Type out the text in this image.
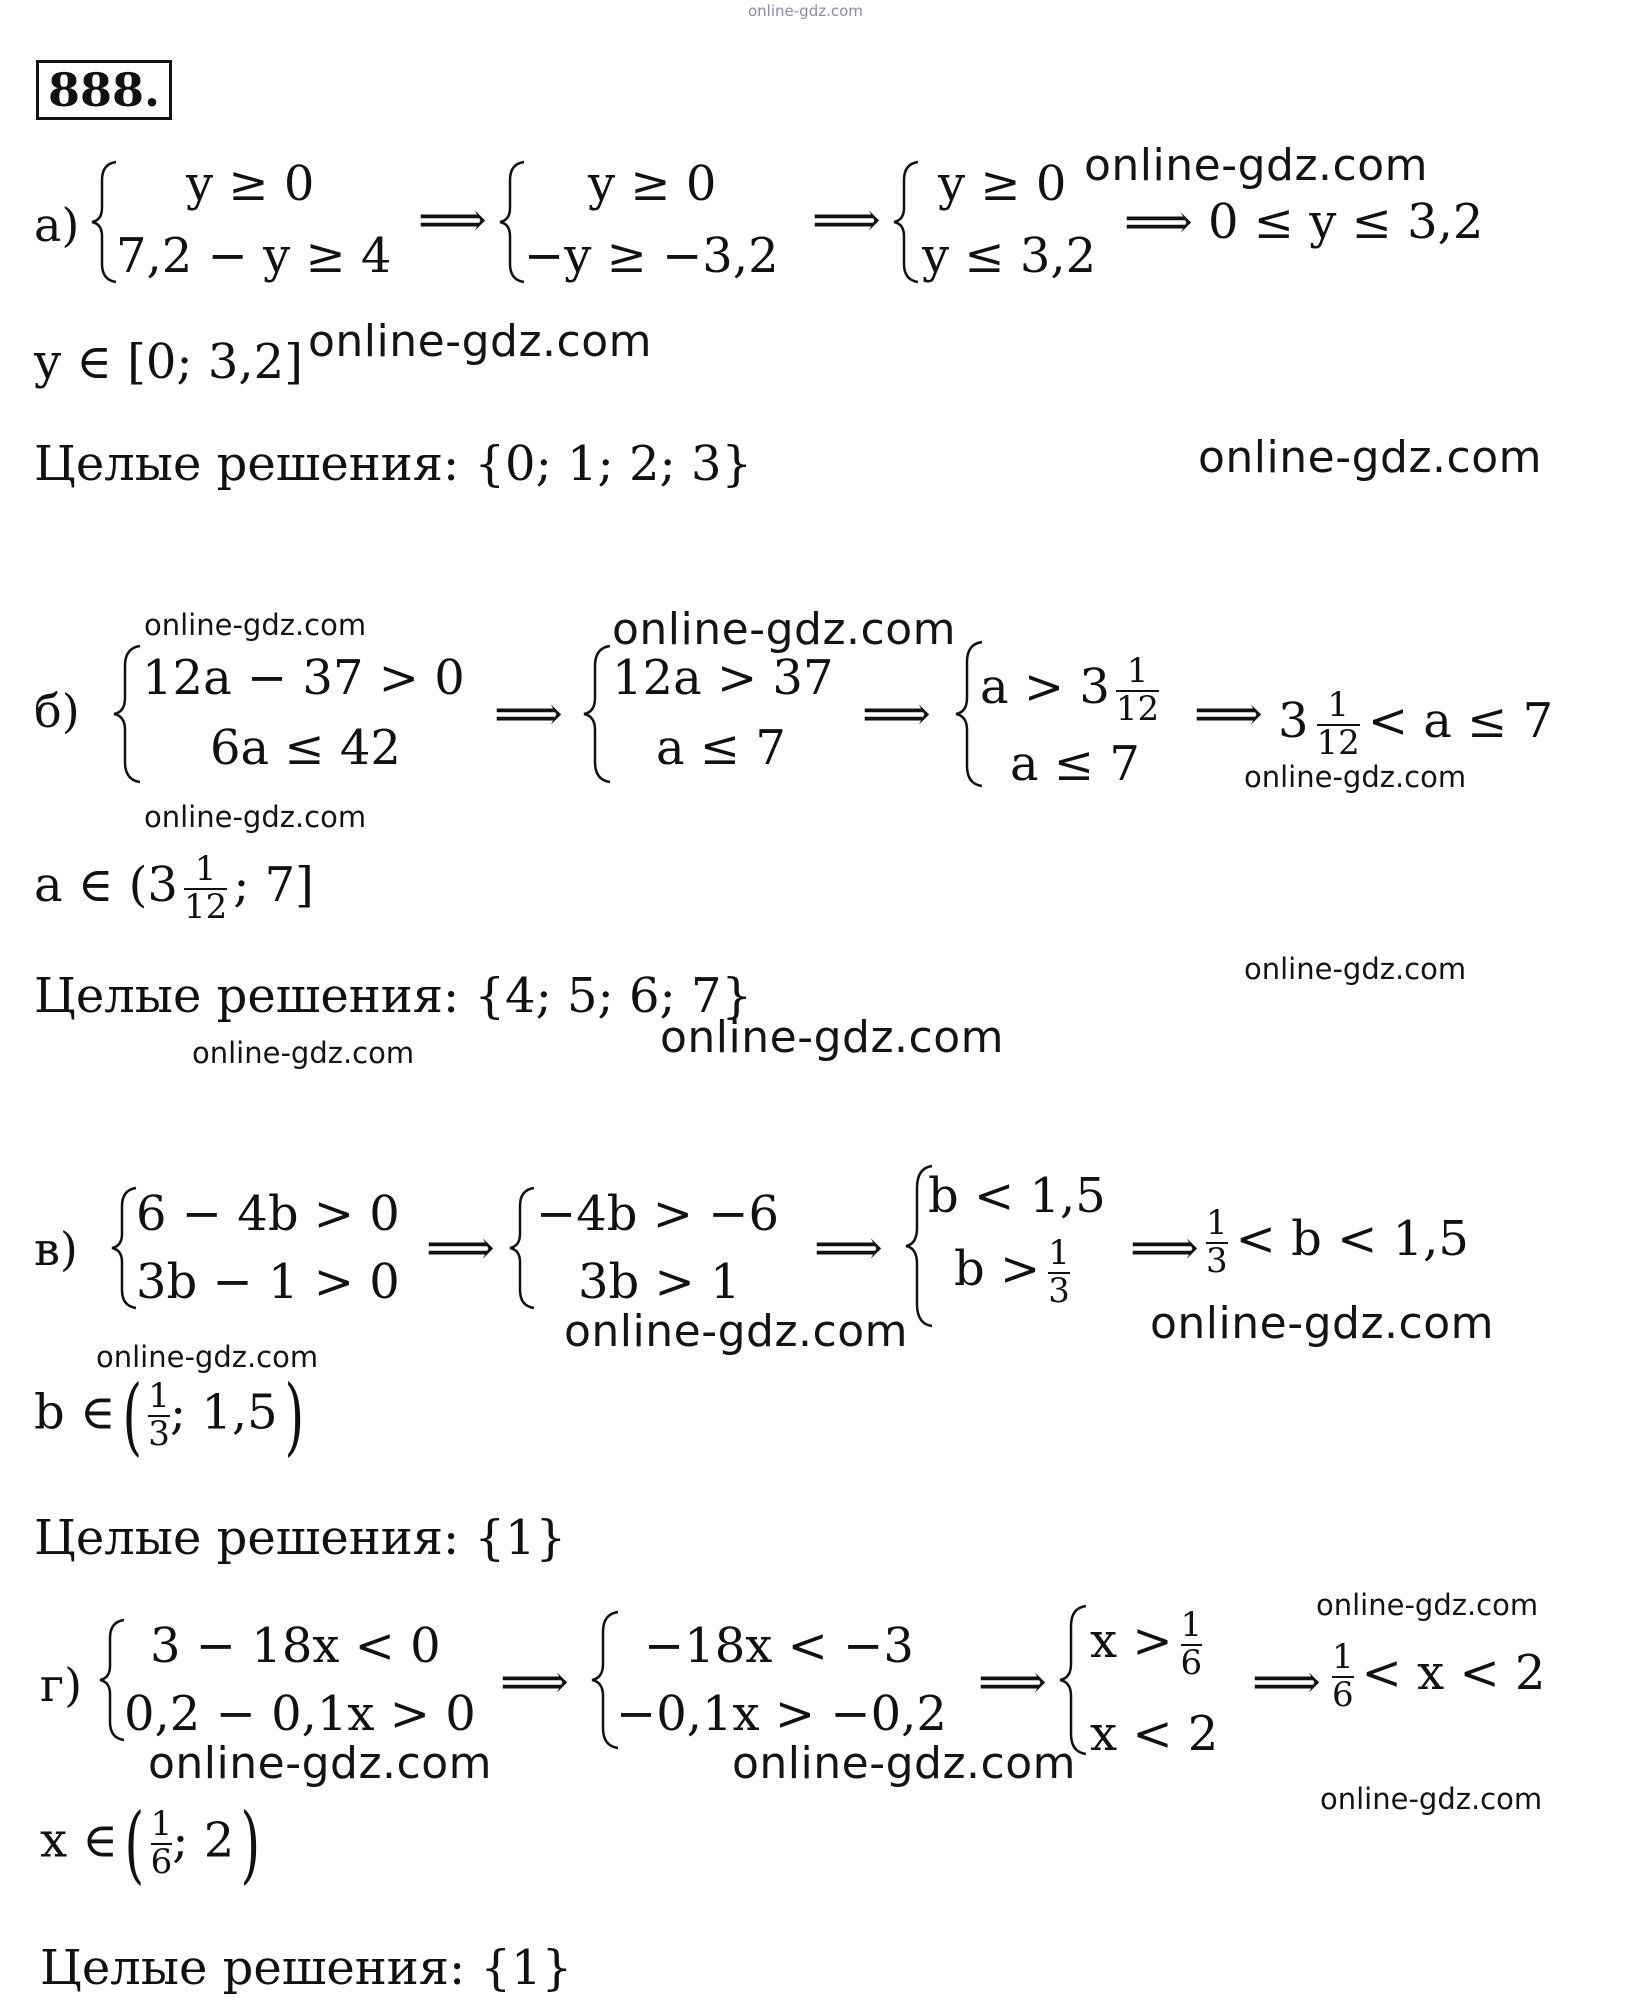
online-gdz.com
888.
а)
y ≥ 0
7,2 − y ≥ 4
⟹
y ≥ 0
−y ≥ −3,2
⟹
y ≥ 0
y ≤ 3,2
⟹ 0 ≤ y ≤ 3,2
y ∈ [0; 3,2]
Целые решения: {0; 1; 2; 3}
б)
12a − 37 > 0
6a ≤ 42
⟹
12a > 37
a ≤ 7
⟹ $a > 3 \frac{1}{12}$
a ≤ 7
⟹ $3 \frac{1}{12} < a \le 7$
a ∈ ($3 \frac{1}{12}$ ; 7]
Целые решения: {4; 5; 6; 7}
в)
6 − 4b > 0
3b − 1 > 0
⟹
−4b > −6
3b > 1
⟹
b < 1,5
$b > \frac{1}{3}$ ⟹ $\frac{1}{3} < b < 1,5$
b ∈( $\frac{1}{3}$ ; 1,5)
Целые решения: {1}
г)
3 − 18x < 0
0,2 − 0,1x > 0
⟹
−18x < −3
−0,1x > −0,2
⟹
$x > \frac{1}{6}$
x < 2
⟹ $\frac{1}{6} < x < 2$
x ∈( $\frac{1}{6}$ ; 2)
Целые решения: {1}
online-gdz.com
online-gdz.com
online-gdz.com
online-gdz.com	online-gdz.com
online-gdz.com
online-gdz.com
online-gdz.com
online-gdz.com	online-gdz.com
online-gdz.com	online-gdz.com
online-gdz.com
online-gdz.com
online-gdz.com	online-gdz.com
online-gdz.com
